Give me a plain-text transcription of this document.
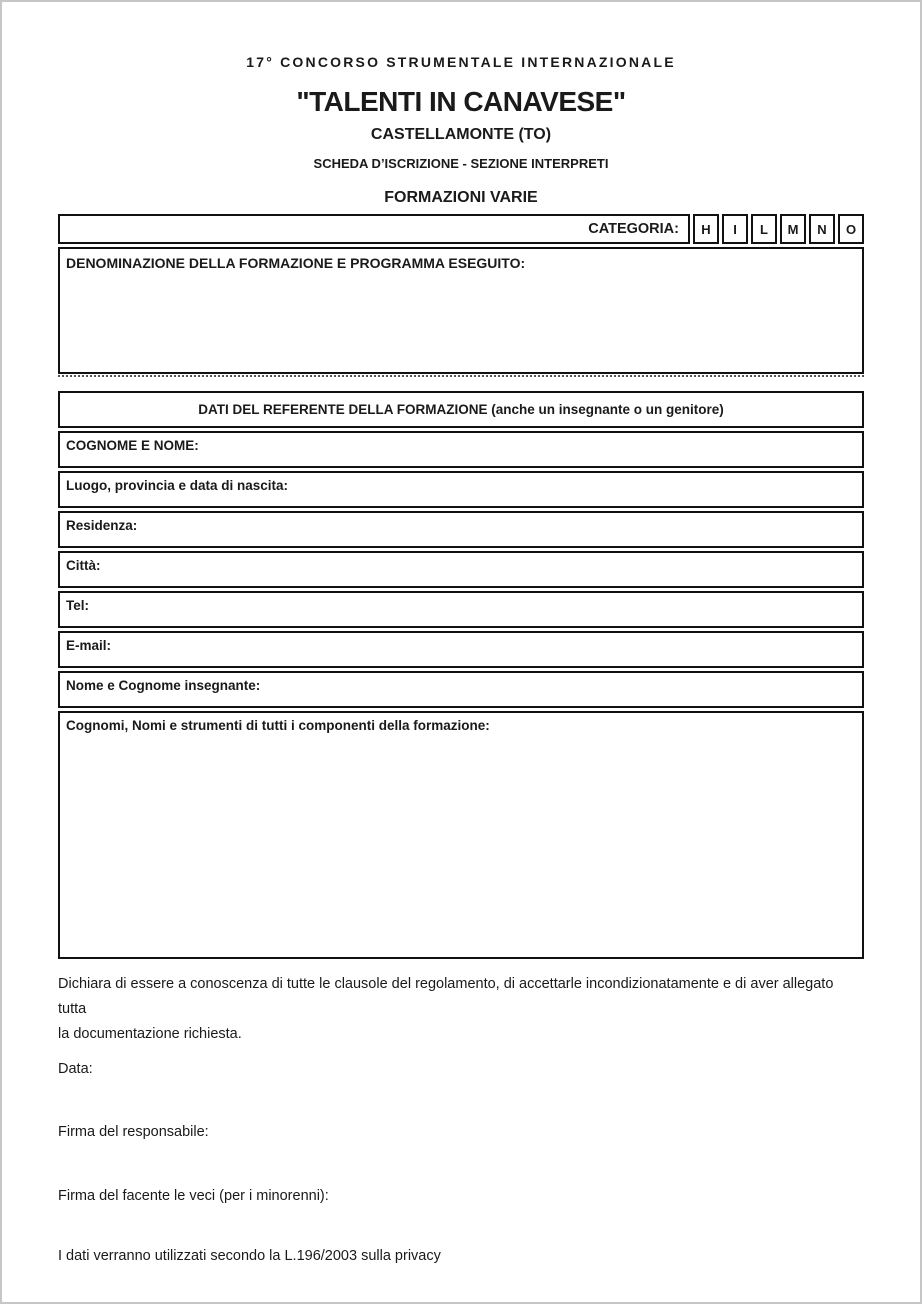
17° CONCORSO STRUMENTALE INTERNAZIONALE
"TALENTI IN CANAVESE"
CASTELLAMONTE (TO)
SCHEDA D’ISCRIZIONE - SEZIONE INTERPRETI
FORMAZIONI VARIE
CATEGORIA:	H	I	L	M	N	O
DENOMINAZIONE DELLA FORMAZIONE E PROGRAMMA ESEGUITO:
DATI DEL REFERENTE DELLA FORMAZIONE (anche un insegnante o un genitore)
COGNOME E NOME:
Luogo, provincia e data di nascita:
Residenza:
Città:
Tel:
E-mail:
Nome e Cognome insegnante:
Cognomi, Nomi e strumenti di tutti i componenti della formazione:
Dichiara di essere a conoscenza di tutte le clausole del regolamento, di accettarle incondizionatamente e di aver allegato tutta
la documentazione richiesta.
Data:
Firma del responsabile:
Firma del facente le veci (per i minorenni):
I dati verranno utilizzati secondo la L.196/2003 sulla privacy
